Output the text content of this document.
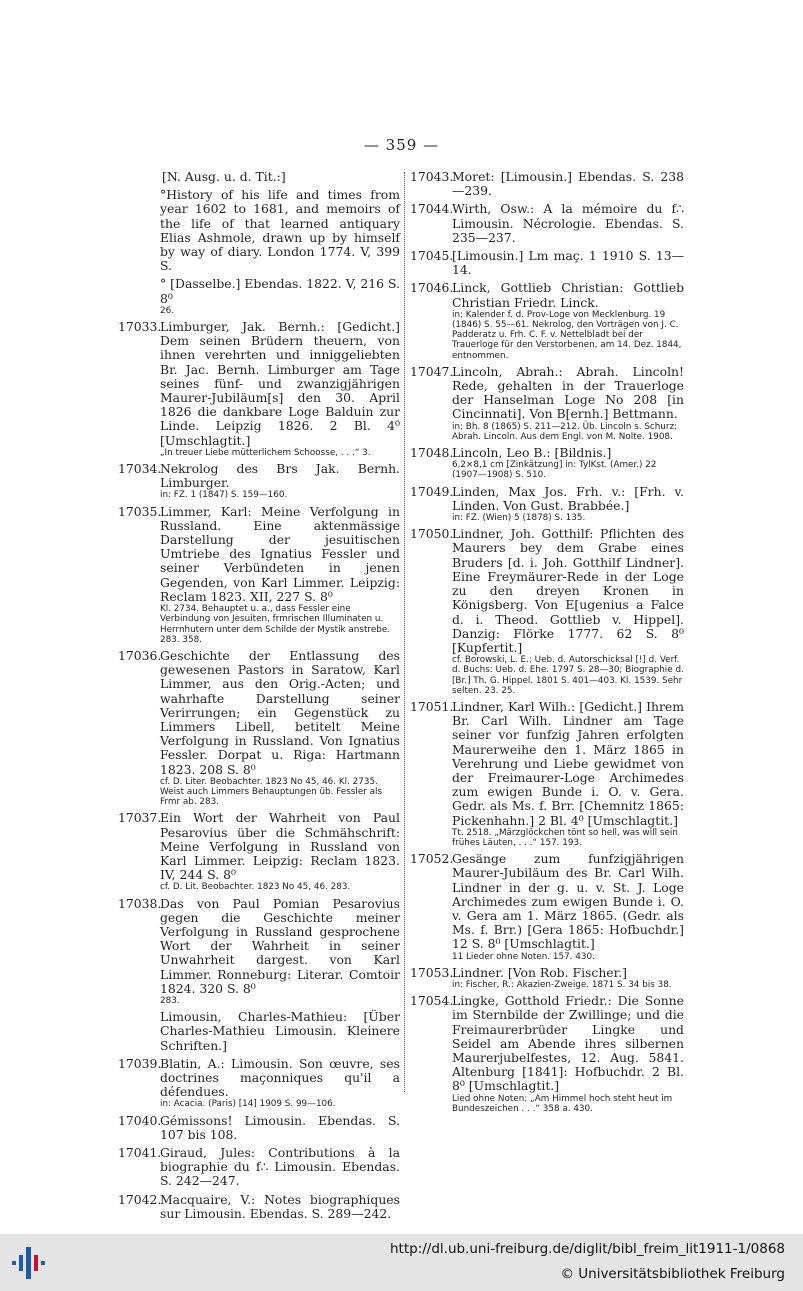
— 359 —
[N. Ausg. u. d. Tit.:]
°History of his life and times from year 1602 to 1681, and memoirs of the life of that learned antiquary Elias Ashmole, drawn up by himself by way of diary. London 1774. V, 399 S.
° [Dasselbe.] Ebendas. 1822. V, 216 S. 8⁰
26.
17033.
Limburger, Jak. Bernh.: [Gedicht.] Dem seinen Brüdern theuern, von ihnen verehrten und inniggeliebten Br. Jac. Bernh. Limburger am Tage seines fünf- und zwanzigjährigen Maurer-Jubiläum[s] den 30. April 1826 die dankbare Loge Balduin zur Linde. Leipzig 1826. 2 Bl. 4⁰ [Umschlagtit.]
„In treuer Liebe mütterlichem Schoosse, . . .“ 3.
17034.
Nekrolog des Brs Jak. Bernh. Limburger.
in: FZ. 1 (1847) S. 159—160.
17035.
Limmer, Karl: Meine Verfolgung in Russland. Eine aktenmässige Darstellung der jesuitischen Umtriebe des Ignatius Fessler und seiner Verbündeten in jenen Gegenden, von Karl Limmer. Leipzig: Reclam 1823. XII, 227 S. 8⁰
Kl. 2734. Behauptet u. a., dass Fessler eine Verbindung von Jesuiten, frmrischen Illuminaten u. Herrnhutern unter dem Schilde der Mystik anstrebe. 283. 358.
17036.
Geschichte der Entlassung des gewesenen Pastors in Saratow, Karl Limmer, aus den Orig.-Acten; und wahrhafte Darstellung seiner Verirrungen; ein Gegenstück zu Limmers Libell, betitelt Meine Verfolgung in Russland. Von Ignatius Fessler. Dorpat u. Riga: Hartmann 1823. 208 S. 8⁰
cf. D. Liter. Beobachter. 1823 No 45, 46. Kl. 2735. Weist auch Limmers Behauptungen üb. Fessler als Frmr ab. 283.
17037.
Ein Wort der Wahrheit von Paul Pesarovius über die Schmähschrift: Meine Verfolgung in Russland von Karl Limmer. Leipzig: Reclam 1823. IV, 244 S. 8⁰
cf. D. Lit. Beobachter. 1823 No 45, 46. 283.
17038.
Das von Paul Pomian Pesarovius gegen die Geschichte meiner Verfolgung in Russland gesprochene Wort der Wahrheit in seiner Unwahrheit dargest. von Karl Limmer. Ronneburg: Literar. Comtoir 1824. 320 S. 8⁰
283.
Limousin, Charles-Mathieu: [Über Charles-Mathieu Limousin. Kleinere Schriften.]
17039.
Blatin, A.: Limousin. Son œuvre, ses doctrines maçonniques qu'il a défendues.
in: Acacia. (Paris) [14] 1909 S. 99—106.
17040.
Gémissons! Limousin. Ebendas. S. 107 bis 108.
17041.
Giraud, Jules: Contributions à la biographie du f∴ Limousin. Ebendas. S. 242—247.
17042.
Macquaire, V.: Notes biographiques sur Limousin. Ebendas. S. 289—242.
17043.
Moret: [Limousin.] Ebendas. S. 238—239.
17044.
Wirth, Osw.: A la mémoire du f∴ Limousin. Nécrologie. Ebendas. S. 235—237.
17045.
[Limousin.] Lm maç. 1 1910 S. 13—14.
17046.
Linck, Gottlieb Christian: Gottlieb Christian Friedr. Linck.
in: Kalender f. d. Prov-Loge von Mecklenburg. 19 (1846) S. 55—61. Nekrolog, den Vorträgen von J. C. Padderatz u. Frh. C. F. v. Nettelbladt bei der Trauerloge für den Verstorbenen, am 14. Dez. 1844, entnommen.
17047.
Lincoln, Abrah.: Abrah. Lincoln! Rede, gehalten in der Trauerloge der Hanselman Loge No 208 [in Cincinnati]. Von B[ernh.] Bettmann.
in: Bh. 8 (1865) S. 211—212. Üb. Lincoln s. Schurz: Abrah. Lincoln. Aus dem Engl. von M. Nolte. 1908.
17048.
Lincoln, Leo B.: [Bildnis.]
6,2×8,1 cm [Zinkätzung] in: TylKst. (Amer.) 22 (1907—1908) S. 510.
17049.
Linden, Max Jos. Frh. v.: [Frh. v. Linden. Von Gust. Brabbée.]
in: FZ. (Wien) 5 (1878) S. 135.
17050.
Lindner, Joh. Gotthilf: Pflichten des Maurers bey dem Grabe eines Bruders [d. i. Joh. Gotthilf Lindner]. Eine Freymäurer-Rede in der Loge zu den dreyen Kronen in Königsberg. Von E[ugenius a Falce d. i. Theod. Gottlieb v. Hippel]. Danzig: Flörke 1777. 62 S. 8⁰ [Kupfertit.]
cf. Borowski, L. E.: Ueb. d. Autorschicksal [!] d. Verf. d. Buchs: Ueb. d. Ehe. 1797 S. 28—30; Biographie d. [Br.] Th. G. Hippel. 1801 S. 401—403. Kl. 1539. Sehr selten. 23. 25.
17051.
Lindner, Karl Wilh.: [Gedicht.] Ihrem Br. Carl Wilh. Lindner am Tage seiner vor funfzig Jahren erfolgten Maurerweihe den 1. März 1865 in Verehrung und Liebe gewidmet von der Freimaurer-Loge Archimedes zum ewigen Bunde i. O. v. Gera. Gedr. als Ms. f. Brr. [Chemnitz 1865: Pickenhahn.] 2 Bl. 4⁰ [Umschlagtit.]
Tt. 2518. „Märzglöckchen tönt so hell, was will sein frühes Läuten, . . .“ 157. 193.
17052.
Gesänge zum funfzigjährigen Maurer-Jubiläum des Br. Carl Wilh. Lindner in der g. u. v. St. J. Loge Archimedes zum ewigen Bunde i. O. v. Gera am 1. März 1865. (Gedr. als Ms. f. Brr.) [Gera 1865: Hofbuchdr.] 12 S. 8⁰ [Umschlagtit.]
11 Lieder ohne Noten. 157. 430.
17053.
Lindner. [Von Rob. Fischer.]
in: Fischer, R.: Akazien-Zweige. 1871 S. 34 bis 38.
17054.
Lingke, Gotthold Friedr.: Die Sonne im Sternbilde der Zwillinge; und die Freimaurerbrüder Lingke und Seidel am Abende ihres silbernen Maurerjubelfestes, 12. Aug. 5841. Altenburg [1841]: Hofbuchdr. 2 Bl. 8⁰ [Umschlagtit.]
Lied ohne Noten: „Am Himmel hoch steht heut im Bundeszeichen . . .“ 358 a. 430.
http://dl.ub.uni-freiburg.de/diglit/bibl_freim_lit1911-1/0868
© Universitätsbibliothek Freiburg
